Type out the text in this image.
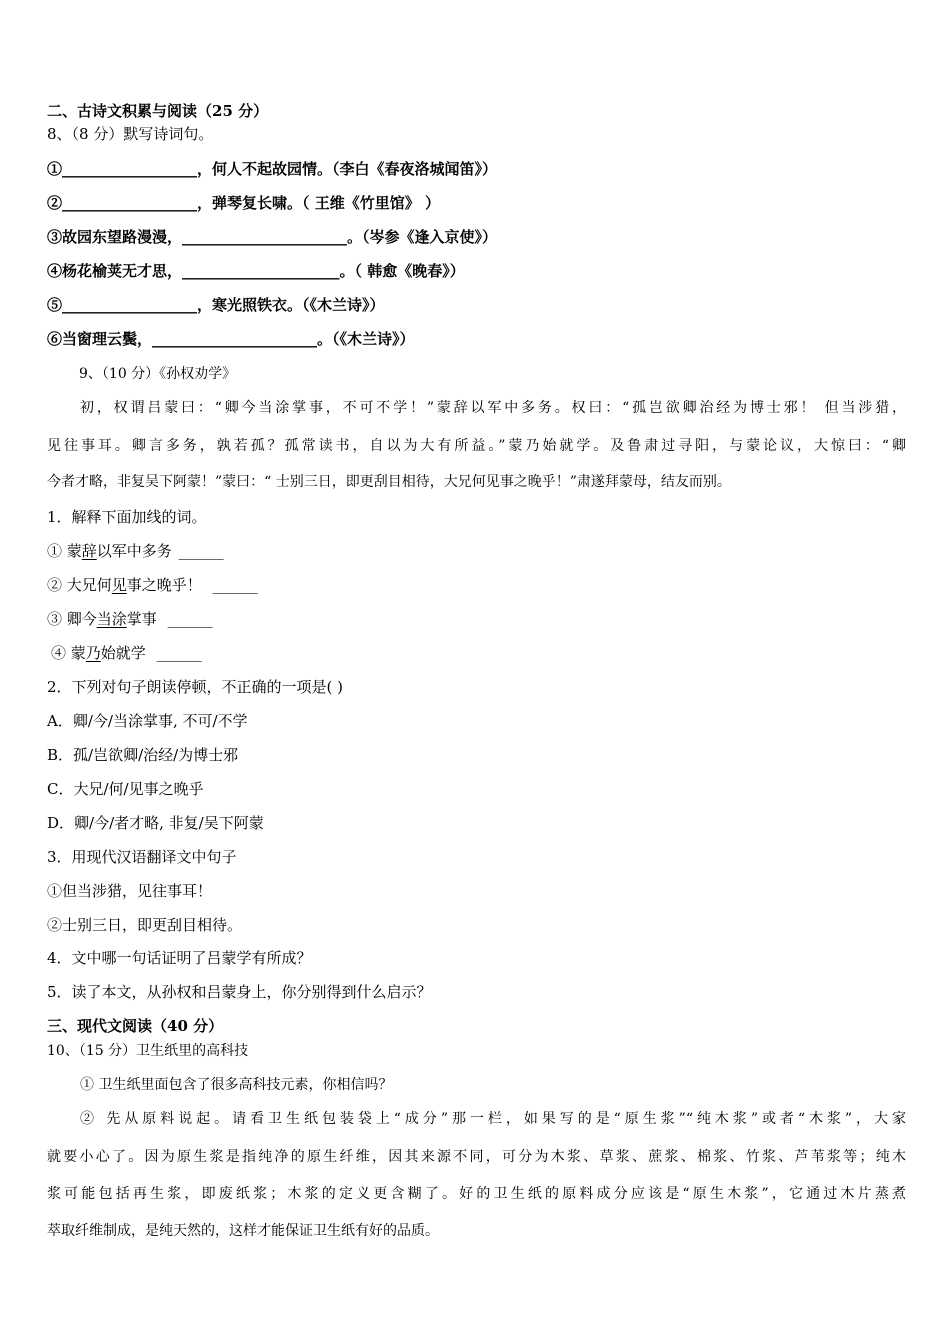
二、古诗文积累与阅读（25 分）
8、（8 分）默写诗词句。
①__________________，何人不起故园情。（李白《春夜洛城闻笛》）
②__________________，弹琴复长啸。（ 王维《竹里馆》 ）
③故园东望路漫漫，______________________。（岑参《逢入京使》）
④杨花榆荚无才思，_____________________。（ 韩愈《晚春》）
⑤__________________，寒光照铁衣。（《木兰诗》）
⑥当窗理云鬓，______________________。（《木兰诗》）
9、（10 分）《孙权劝学》
初，权谓吕蒙曰：“卿今当涂掌事，不可不学！”蒙辞以军中多务。权曰：“孤岂欲卿治经为博士邪！ 但当涉猎，
见往事耳。卿言多务，孰若孤？孤常读书，自以为大有所益。”蒙乃始就学。及鲁肃过寻阳，与蒙论议，大惊曰：“卿
今者才略，非复吴下阿蒙！”蒙曰：“ 士别三日，即更刮目相待，大兄何见事之晚乎！”肃遂拜蒙母，结友而别。
1．解释下面加线的词。
① 蒙辞以军中多务 ______
② 大兄何见事之晚乎！ ______
③ 卿今当涂掌事 ______
④ 蒙乃始就学 ______
2．下列对句子朗读停顿，不正确的一项是( )
A．卿/今/当涂掌事, 不可/不学
B．孤/岂欲卿/治经/为博士邪
C．大兄/何/见事之晚乎
D．卿/今/者才略, 非复/吴下阿蒙
3．用现代汉语翻译文中句子
①但当涉猎，见往事耳！
②士别三日，即更刮目相待。
4．文中哪一句话证明了吕蒙学有所成？
5．读了本文，从孙权和吕蒙身上，你分别得到什么启示？
三、现代文阅读（40 分）
10、（15 分）卫生纸里的高科技
① 卫生纸里面包含了很多高科技元素，你相信吗？
② 先从原料说起。请看卫生纸包装袋上“成分”那一栏，如果写的是“原生浆”“纯木浆”或者“木浆”，大家
就要小心了。因为原生浆是指纯净的原生纤维，因其来源不同，可分为木浆、草浆、蔗浆、棉浆、竹浆、芦苇浆等；纯木
浆可能包括再生浆，即废纸浆；木浆的定义更含糊了。好的卫生纸的原料成分应该是“原生木浆”，它通过木片蒸煮
萃取纤维制成，是纯天然的，这样才能保证卫生纸有好的品质。
